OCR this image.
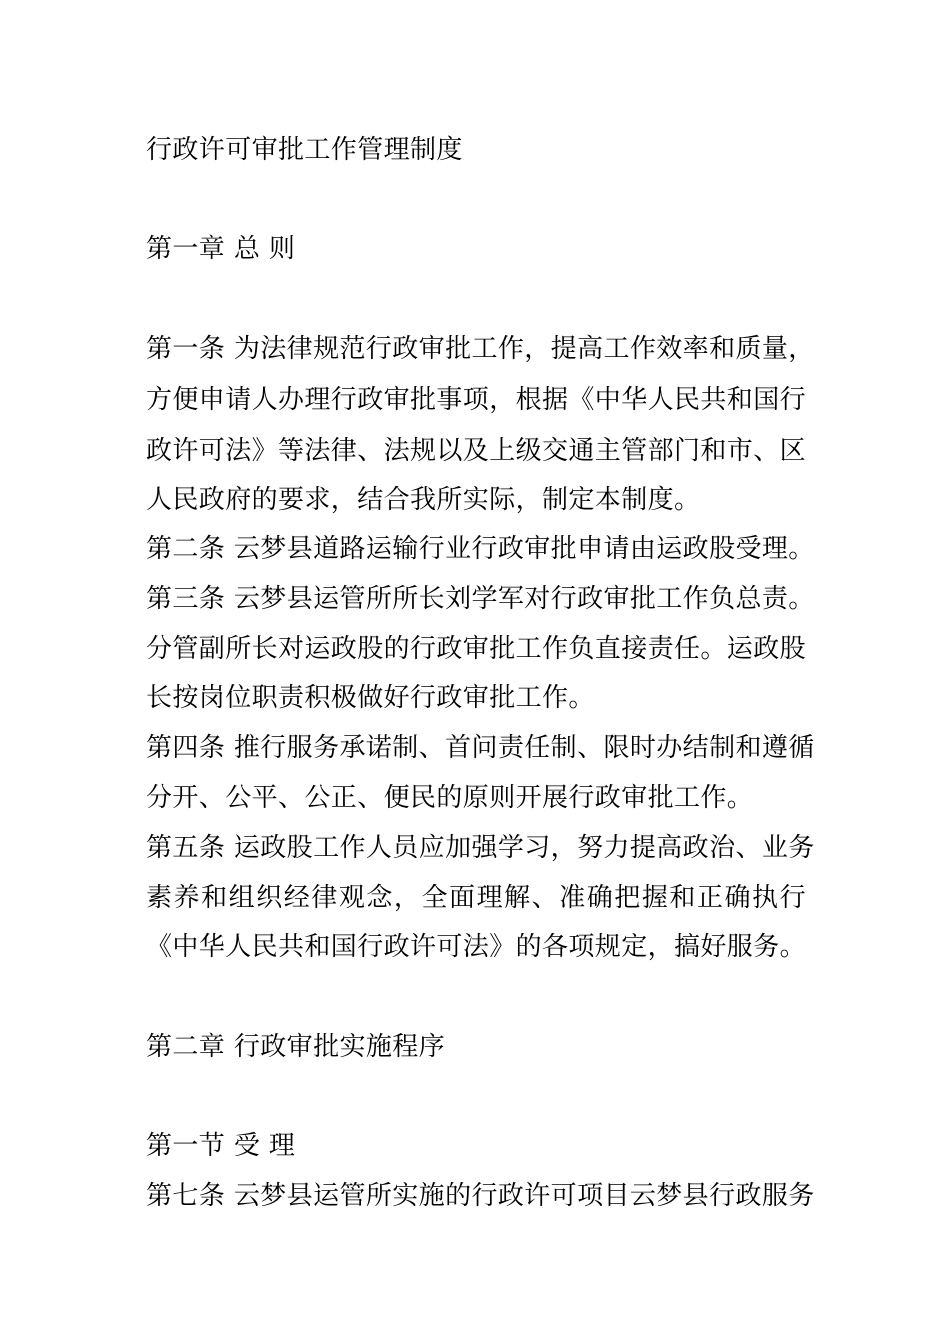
行政许可审批工作管理制度
第一章 总 则
第一条 为法律规范行政审批工作，提高工作效率和质量，
方便申请人办理行政审批事项，根据《中华人民共和国行
政许可法》等法律、法规以及上级交通主管部门和市、区
人民政府的要求，结合我所实际，制定本制度。
第二条 云梦县道路运输行业行政审批申请由运政股受理。
第三条 云梦县运管所所长刘学军对行政审批工作负总责。
分管副所长对运政股的行政审批工作负直接责任。运政股
长按岗位职责积极做好行政审批工作。
第四条 推行服务承诺制、首问责任制、限时办结制和遵循
分开、公平、公正、便民的原则开展行政审批工作。
第五条 运政股工作人员应加强学习，努力提高政治、业务
素养和组织经律观念，全面理解、准确把握和正确执行
《中华人民共和国行政许可法》的各项规定，搞好服务。
第二章 行政审批实施程序
第一节 受 理
第七条 云梦县运管所实施的行政许可项目云梦县行政服务
